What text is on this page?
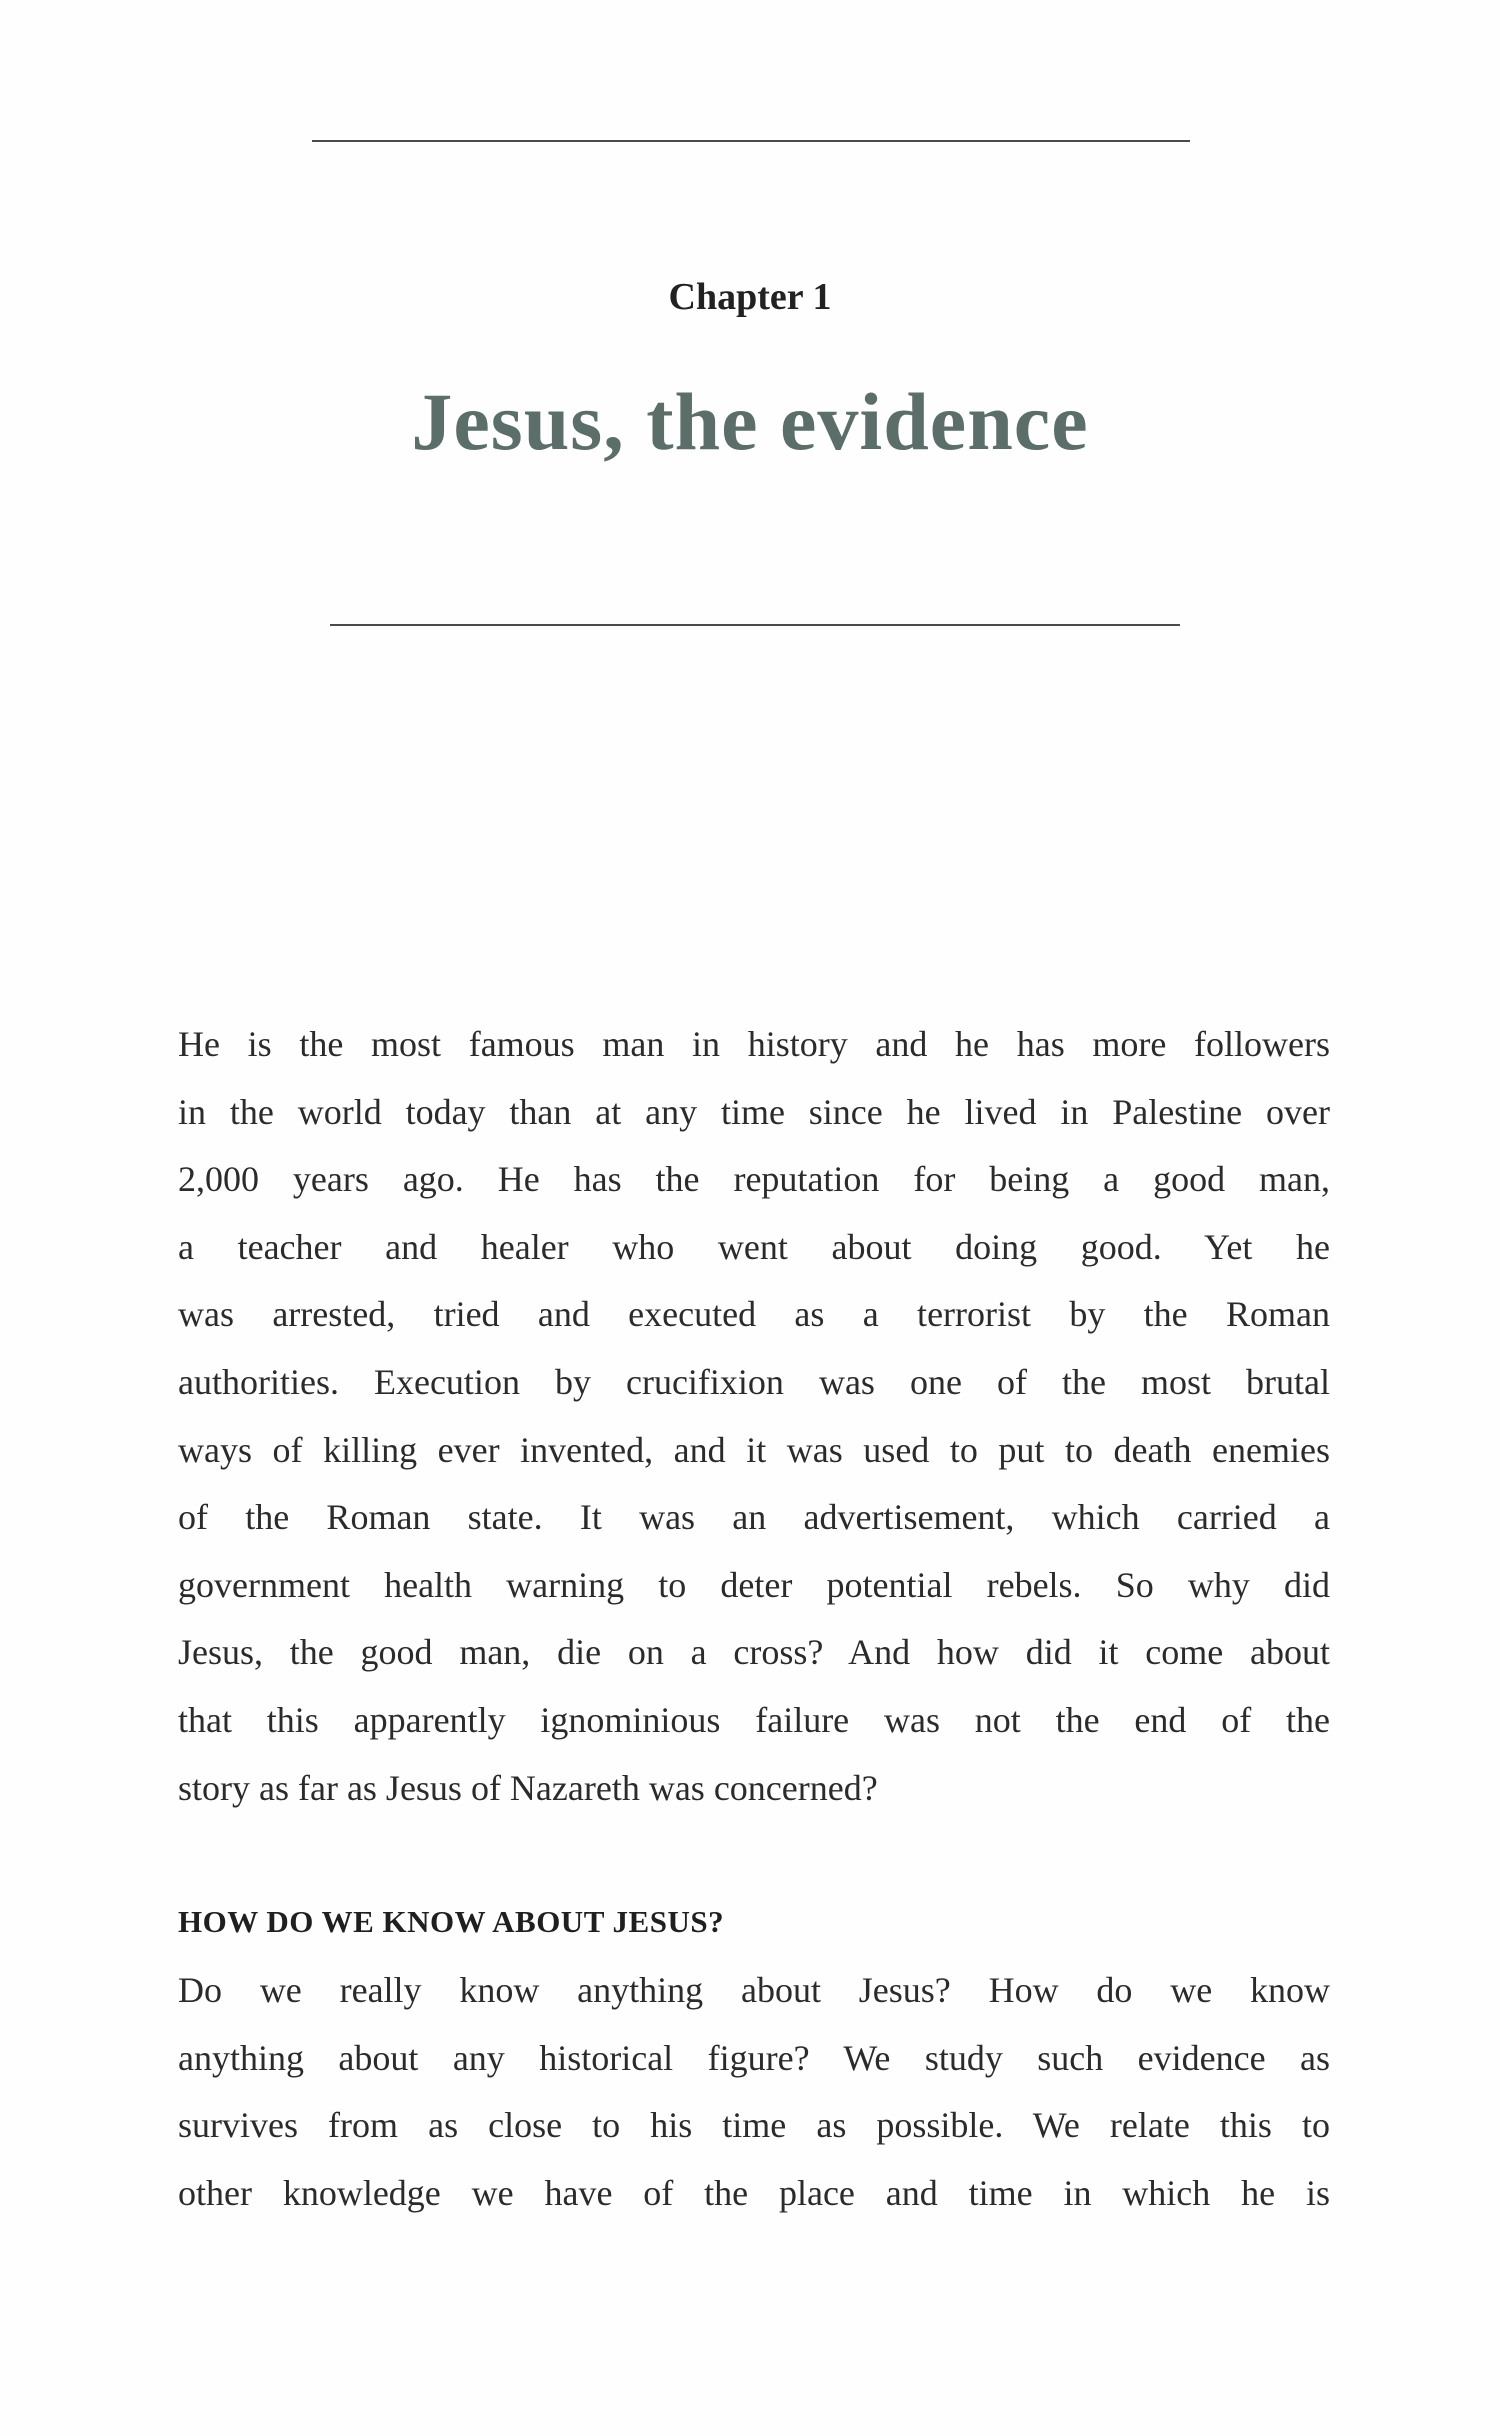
Chapter 1
Jesus, the evidence
He is the most famous man in history and he has more followers
in the world today than at any time since he lived in Palestine over
2,000 years ago. He has the reputation for being a good man,
a teacher and healer who went about doing good. Yet he
was arrested, tried and executed as a terrorist by the Roman
authorities. Execution by crucifixion was one of the most brutal
ways of killing ever invented, and it was used to put to death enemies
of the Roman state. It was an advertisement, which carried a
government health warning to deter potential rebels. So why did
Jesus, the good man, die on a cross? And how did it come about
that this apparently ignominious failure was not the end of the
story as far as Jesus of Nazareth was concerned?
HOW DO WE KNOW ABOUT JESUS?
Do we really know anything about Jesus? How do we know
anything about any historical figure? We study such evidence as
survives from as close to his time as possible. We relate this to
other knowledge we have of the place and time in which he is
